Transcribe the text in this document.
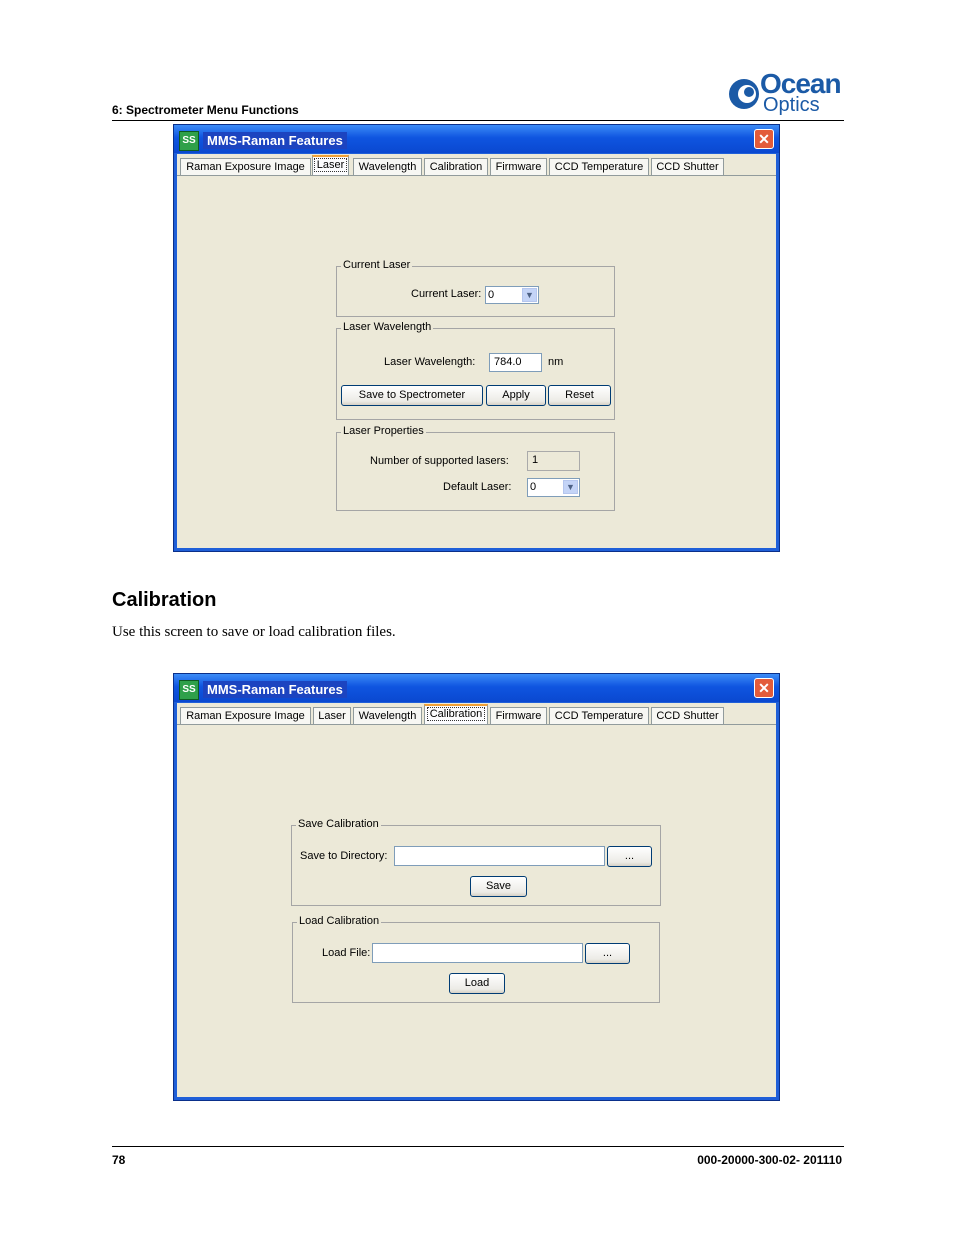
6: Spectrometer Menu Functions
Ocean
Optics
SS MMS-Raman Features	✕
Raman Exposure Image	Laser	Wavelength	Calibration	Firmware	CCD Temperature	CCD Shutter
Current Laser
Current Laser: 0	▼
Laser Wavelength
Laser Wavelength:	784.0	nm
Save to Spectrometer	Apply	Reset
Laser Properties
Number of supported lasers:	1
Default Laser: 0	▼
Calibration
Use this screen to save or load calibration files.
SS MMS-Raman Features	✕
Raman Exposure Image	Laser	Wavelength	Calibration	Firmware	CCD Temperature	CCD Shutter
Save Calibration
Save to Directory:	...
Save
Load Calibration
Load File:	...
Load
78	000-20000-300-02- 201110
